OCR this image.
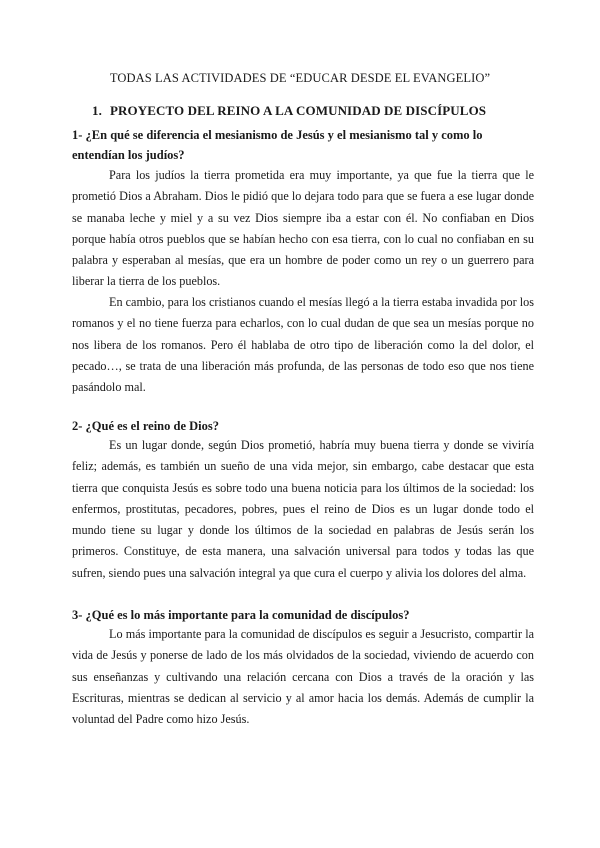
TODAS LAS ACTIVIDADES DE “EDUCAR DESDE EL EVANGELIO”
1. PROYECTO DEL REINO A LA COMUNIDAD DE DISCÍPULOS
1- ¿En qué se diferencia el mesianismo de Jesús y el mesianismo tal y como lo entendían los judíos?

Para los judíos la tierra prometida era muy importante, ya que fue la tierra que le prometió Dios a Abraham. Dios le pidió que lo dejara todo para que se fuera a ese lugar donde se manaba leche y miel y a su vez Dios siempre iba a estar con él. No confiaban en Dios porque había otros pueblos que se habían hecho con esa tierra, con lo cual no confiaban en su palabra y esperaban al mesías, que era un hombre de poder como un rey o un guerrero para liberar la tierra de los pueblos.

En cambio, para los cristianos cuando el mesías llegó a la tierra estaba invadida por los romanos y el no tiene fuerza para echarlos, con lo cual dudan de que sea un mesías porque no nos libera de los romanos. Pero él hablaba de otro tipo de liberación como la del dolor, el pecado…, se trata de una liberación más profunda, de las personas de todo eso que nos tiene pasándolo mal.

2- ¿Qué es el reino de Dios?

Es un lugar donde, según Dios prometió, habría muy buena tierra y donde se viviría feliz; además, es también un sueño de una vida mejor, sin embargo, cabe destacar que esta tierra que conquista Jesús es sobre todo una buena noticia para los últimos de la sociedad: los enfermos, prostitutas, pecadores, pobres, pues el reino de Dios es un lugar donde todo el mundo tiene su lugar y donde los últimos de la sociedad en palabras de Jesús serán los primeros. Constituye, de esta manera, una salvación universal para todos y todas las que sufren, siendo pues una salvación integral ya que cura el cuerpo y alivia los dolores del alma.

3- ¿Qué es lo más importante para la comunidad de discípulos?

Lo más importante para la comunidad de discípulos es seguir a Jesucristo, compartir la vida de Jesús y ponerse de lado de los más olvidados de la sociedad, viviendo de acuerdo con sus enseñanzas y cultivando una relación cercana con Dios a través de la oración y las Escrituras, mientras se dedican al servicio y al amor hacia los demás. Además de cumplir la voluntad del Padre como hizo Jesús.
